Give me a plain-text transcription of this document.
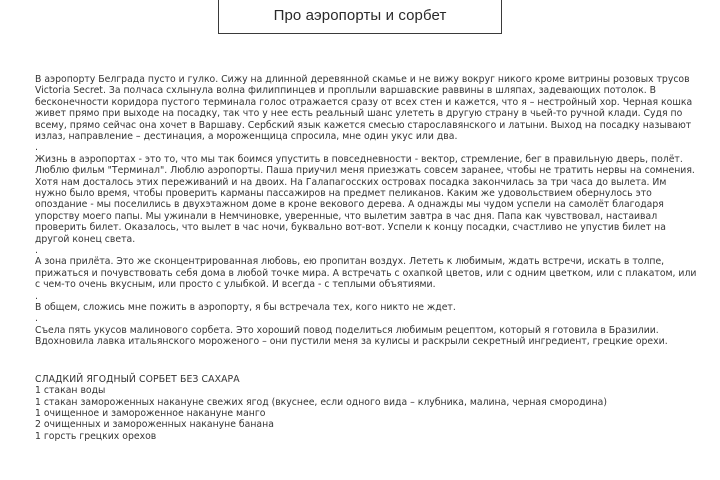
Про аэропорты и сорбет

В аэропорту Белграда пусто и гулко. Сижу на длинной деревянной скамье и не вижу вокруг никого кроме витрины розовых трусов Victoria Secret. За полчаса схлынула волна филиппинцев и проплыли варшавские раввины в шляпах, задевающих потолок. В бесконечности коридора пустого терминала голос отражается сразу от всех стен и кажется, что я – нестройный хор. Черная кошка живет прямо при выходе на посадку, так что у нее есть реальный шанс улететь в другую страну в чьей-то ручной клади. Судя по всему, прямо сейчас она хочет в Варшаву. Сербский язык кажется смесью старославянского и латыни. Выход на посадку называют излаз, направление – дестинация, а мороженщица спросила, мне один укус или два.

.

Жизнь в аэропортах - это то, что мы так боимся упустить в повседневности - вектор, стремление, бег в правильную дверь, полёт. Люблю фильм "Терминал". Люблю аэропорты. Паша приучил меня приезжать совсем заранее, чтобы не тратить нервы на сомнения. Хотя нам досталось этих переживаний и на двоих. На Галапагосских островах посадка закончилась за три часа до вылета. Им нужно было время, чтобы проверить карманы пассажиров на предмет пеликанов. Каким же удовольствием обернулось это опоздание - мы поселились в двухэтажном доме в кроне векового дерева. А однажды мы чудом успели на самолёт благодаря упорству моего папы. Мы ужинали в Немчиновке, уверенные, что вылетим завтра в час дня. Папа как чувствовал, настаивал проверить билет. Оказалось, что вылет в час ночи, буквально вот-вот. Успели к концу посадки, счастливо не упустив билет на другой конец света.

.

А зона прилёта. Это же сконцентрированная любовь, ею пропитан воздух. Лететь к любимым, ждать встречи, искать в толпе, прижаться и почувствовать себя дома в любой точке мира. А встречать с охапкой цветов, или с одним цветком, или с плакатом, или с чем-то очень вкусным, или просто с улыбкой. И всегда - с теплыми объятиями.

.

В общем, сложись мне пожить в аэропорту, я бы встречала тех, кого никто не ждет.

.

Съела пять укусов малинового сорбета. Это хороший повод поделиться любимым рецептом, который я готовила в Бразилии. Вдохновила лавка итальянского мороженого – они пустили меня за кулисы и раскрыли секретный ингредиент, грецкие орехи.

СЛАДКИЙ ЯГОДНЫЙ СОРБЕТ БЕЗ САХАРА

1 стакан воды

1 стакан замороженных накануне свежих ягод (вкуснее, если одного вида – клубника, малина, черная смородина)

1 очищенное и замороженное накануне манго

2 очищенных и замороженных накануне банана

1 горсть грецких орехов
